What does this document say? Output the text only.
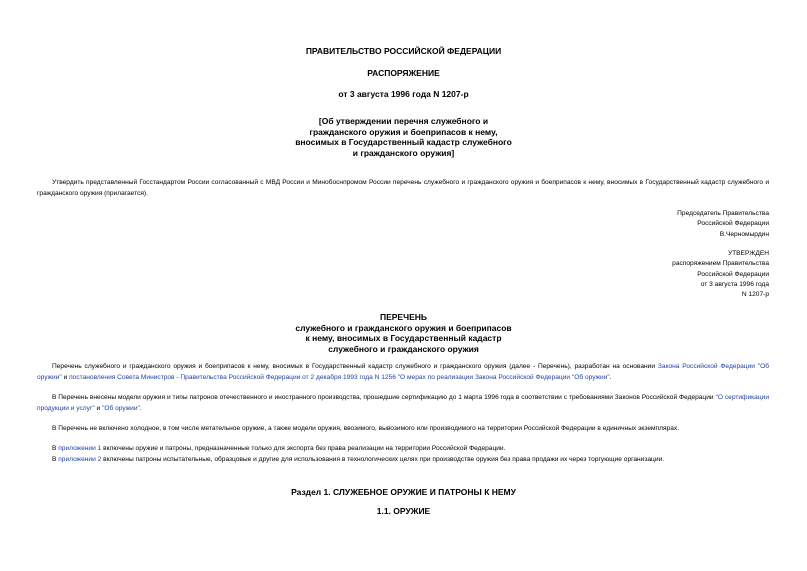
ПРАВИТЕЛЬСТВО РОССИЙСКОЙ ФЕДЕРАЦИИ
РАСПОРЯЖЕНИЕ
от 3 августа 1996 года N 1207-р
[Об утверждении перечня служебного и
гражданского оружия и боеприпасов к нему,
вносимых в Государственный кадастр служебного
и гражданского оружия]
Утвердить представленный Госстандартом России согласованный с МВД России и Минобоснпромом России перечень служебного и гражданского оружия и боеприпасов к нему, вносимых в Государственный кадастр служебного и гражданского оружия (прилагается).
Председатель Правительства
Российской Федерации
В.Черномырдин
УТВЕРЖДЕН
распоряжением Правительства
Российской Федерации
от 3 августа 1996 года
N 1207-р
ПЕРЕЧЕНЬ
служебного и гражданского оружия и боеприпасов
к нему, вносимых в Государственный кадастр
служебного и гражданского оружия
Перечень служебного и гражданского оружия и боеприпасов к нему, вносимых в Государственный кадастр служебного и гражданского оружия (далее - Перечень), разработан на основании Закона Российской Федерации "Об оружии" и постановления Совета Министров - Правительства Российской Федерации от 2 декабря 1993 года N 1256 "О мерах по реализации Закона Российской Федерации "Об оружии".
В Перечень внесены модели оружия и типы патронов отечественного и иностранного производства, прошедшие сертификацию до 1 марта 1996 года в соответствии с требованиями Законов Российской Федерации "О сертификации продукции и услуг" и "Об оружии".
В Перечень не включено холодное, в том числе метательное оружие, а также модели оружия, ввозимого, вывозимого или производимого на территории Российской Федерации в единичных экземплярах.
В приложении 1 включены оружие и патроны, предназначенные только для экспорта без права реализации на территории Российской Федерации.
В приложении 2 включены патроны испытательные, образцовые и другие для использования в технологических целях при производстве оружия без права продажи их через торгующие организации.
Раздел 1. СЛУЖЕБНОЕ ОРУЖИЕ И ПАТРОНЫ К НЕМУ
1.1. ОРУЖИЕ
